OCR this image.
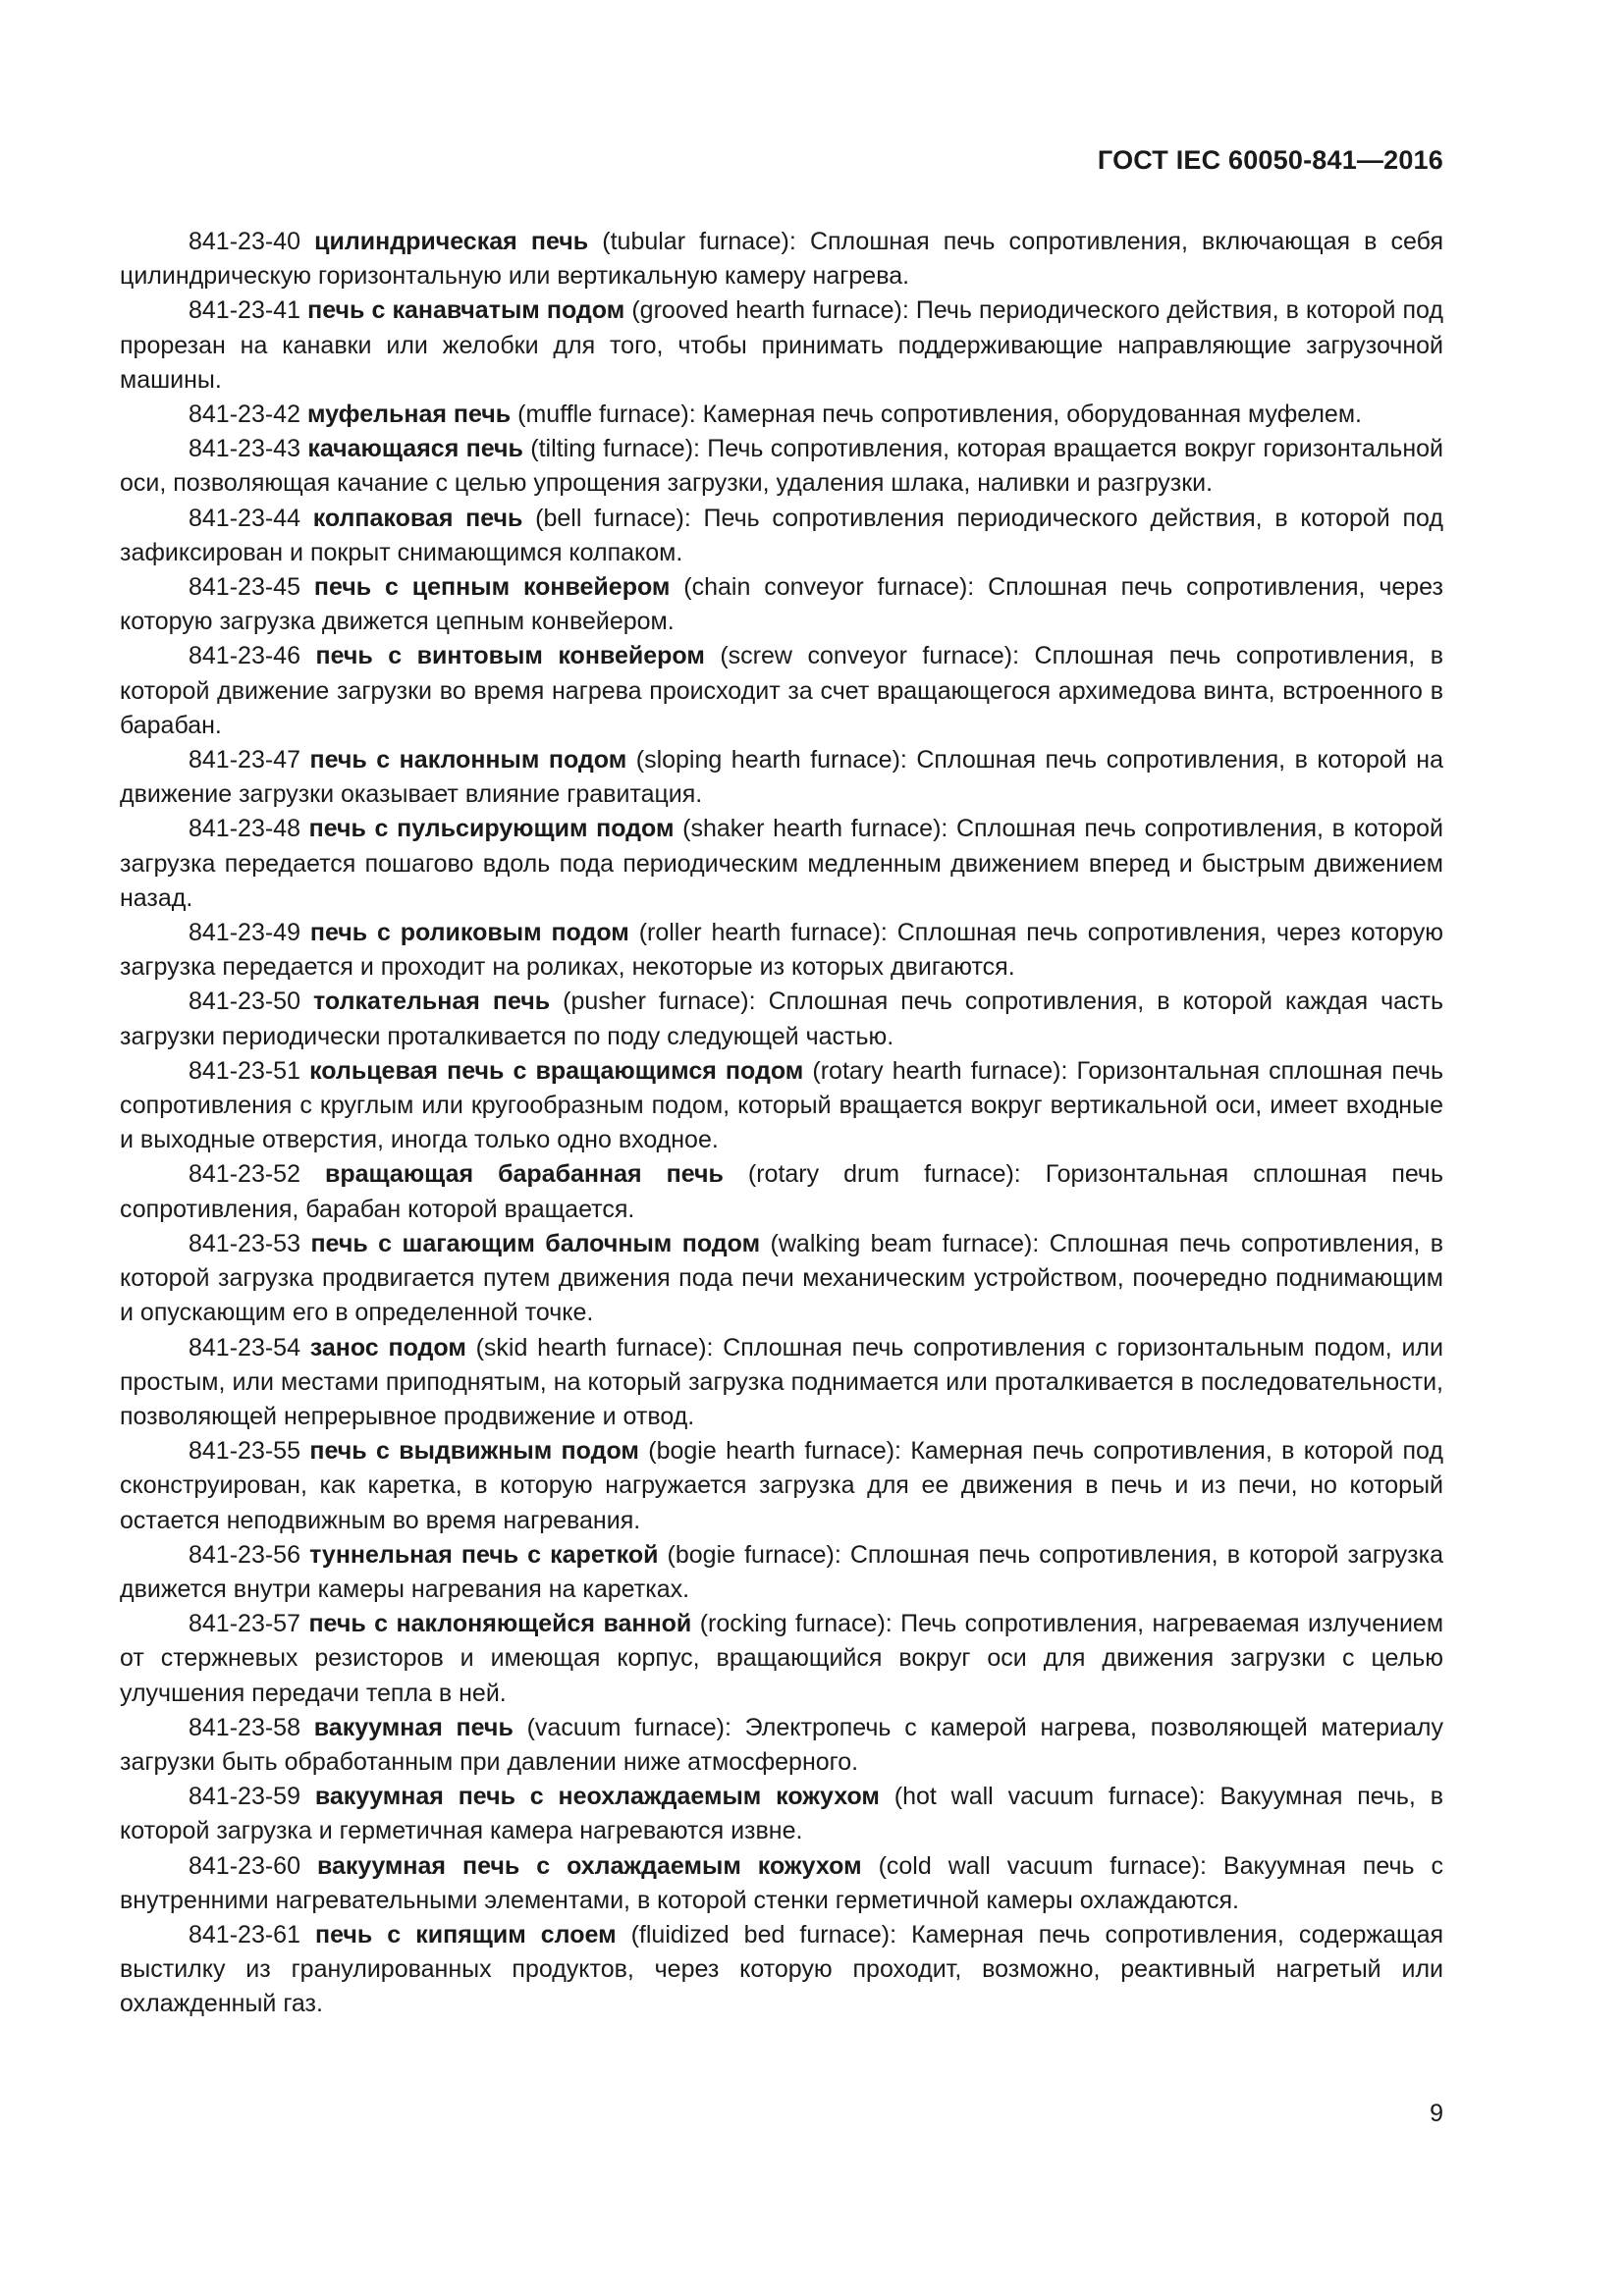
ГОСТ IEC 60050-841—2016

841-23-40 цилиндрическая печь (tubular furnace): Сплошная печь сопротивления, включающая в себя цилиндрическую горизонтальную или вертикальную камеру нагрева.

841-23-41 печь с канавчатым подом (grooved hearth furnace): Печь периодического действия, в которой под прорезан на канавки или желобки для того, чтобы принимать поддерживающие направляющие загрузочной машины.

841-23-42 муфельная печь (muffle furnace): Камерная печь сопротивления, оборудованная муфелем.

841-23-43 качающаяся печь (tilting furnace): Печь сопротивления, которая вращается вокруг горизонтальной оси, позволяющая качание с целью упрощения загрузки, удаления шлака, наливки и разгрузки.

841-23-44 колпаковая печь (bell furnace): Печь сопротивления периодического действия, в которой под зафиксирован и покрыт снимающимся колпаком.

841-23-45 печь с цепным конвейером (chain conveyor furnace): Сплошная печь сопротивления, через которую загрузка движется цепным конвейером.

841-23-46 печь с винтовым конвейером (screw conveyor furnace): Сплошная печь сопротивления, в которой движение загрузки во время нагрева происходит за счет вращающегося архимедова винта, встроенного в барабан.

841-23-47 печь с наклонным подом (sloping hearth furnace): Сплошная печь сопротивления, в которой на движение загрузки оказывает влияние гравитация.

841-23-48 печь с пульсирующим подом (shaker hearth furnace): Сплошная печь сопротивления, в которой загрузка передается пошагово вдоль пода периодическим медленным движением вперед и быстрым движением назад.

841-23-49 печь с роликовым подом (roller hearth furnace): Сплошная печь сопротивления, через которую загрузка передается и проходит на роликах, некоторые из которых двигаются.

841-23-50 толкательная печь (pusher furnace): Сплошная печь сопротивления, в которой каждая часть загрузки периодически проталкивается по поду следующей частью.

841-23-51 кольцевая печь с вращающимся подом (rotary hearth furnace): Горизонтальная сплошная печь сопротивления с круглым или кругообразным подом, который вращается вокруг вертикальной оси, имеет входные и выходные отверстия, иногда только одно входное.

841-23-52 вращающая барабанная печь (rotary drum furnace): Горизонтальная сплошная печь сопротивления, барабан которой вращается.

841-23-53 печь с шагающим балочным подом (walking beam furnace): Сплошная печь сопротивления, в которой загрузка продвигается путем движения пода печи механическим устройством, поочередно поднимающим и опускающим его в определенной точке.

841-23-54 занос подом (skid hearth furnace): Сплошная печь сопротивления с горизонтальным подом, или простым, или местами приподнятым, на который загрузка поднимается или проталкивается в последовательности, позволяющей непрерывное продвижение и отвод.

841-23-55 печь с выдвижным подом (bogie hearth furnace): Камерная печь сопротивления, в которой под сконструирован, как каретка, в которую нагружается загрузка для ее движения в печь и из печи, но который остается неподвижным во время нагревания.

841-23-56 туннельная печь с кареткой (bogie furnace): Сплошная печь сопротивления, в которой загрузка движется внутри камеры нагревания на каретках.

841-23-57 печь с наклоняющейся ванной (rocking furnace): Печь сопротивления, нагреваемая излучением от стержневых резисторов и имеющая корпус, вращающийся вокруг оси для движения загрузки с целью улучшения передачи тепла в ней.

841-23-58 вакуумная печь (vacuum furnace): Электропечь с камерой нагрева, позволяющей материалу загрузки быть обработанным при давлении ниже атмосферного.

841-23-59 вакуумная печь с неохлаждаемым кожухом (hot wall vacuum furnace): Вакуумная печь, в которой загрузка и герметичная камера нагреваются извне.

841-23-60 вакуумная печь с охлаждаемым кожухом (cold wall vacuum furnace): Вакуумная печь с внутренними нагревательными элементами, в которой стенки герметичной камеры охлаждаются.

841-23-61 печь с кипящим слоем (fluidized bed furnace): Камерная печь сопротивления, содержащая выстилку из гранулированных продуктов, через которую проходит, возможно, реактивный нагретый или охлажденный газ.

9
